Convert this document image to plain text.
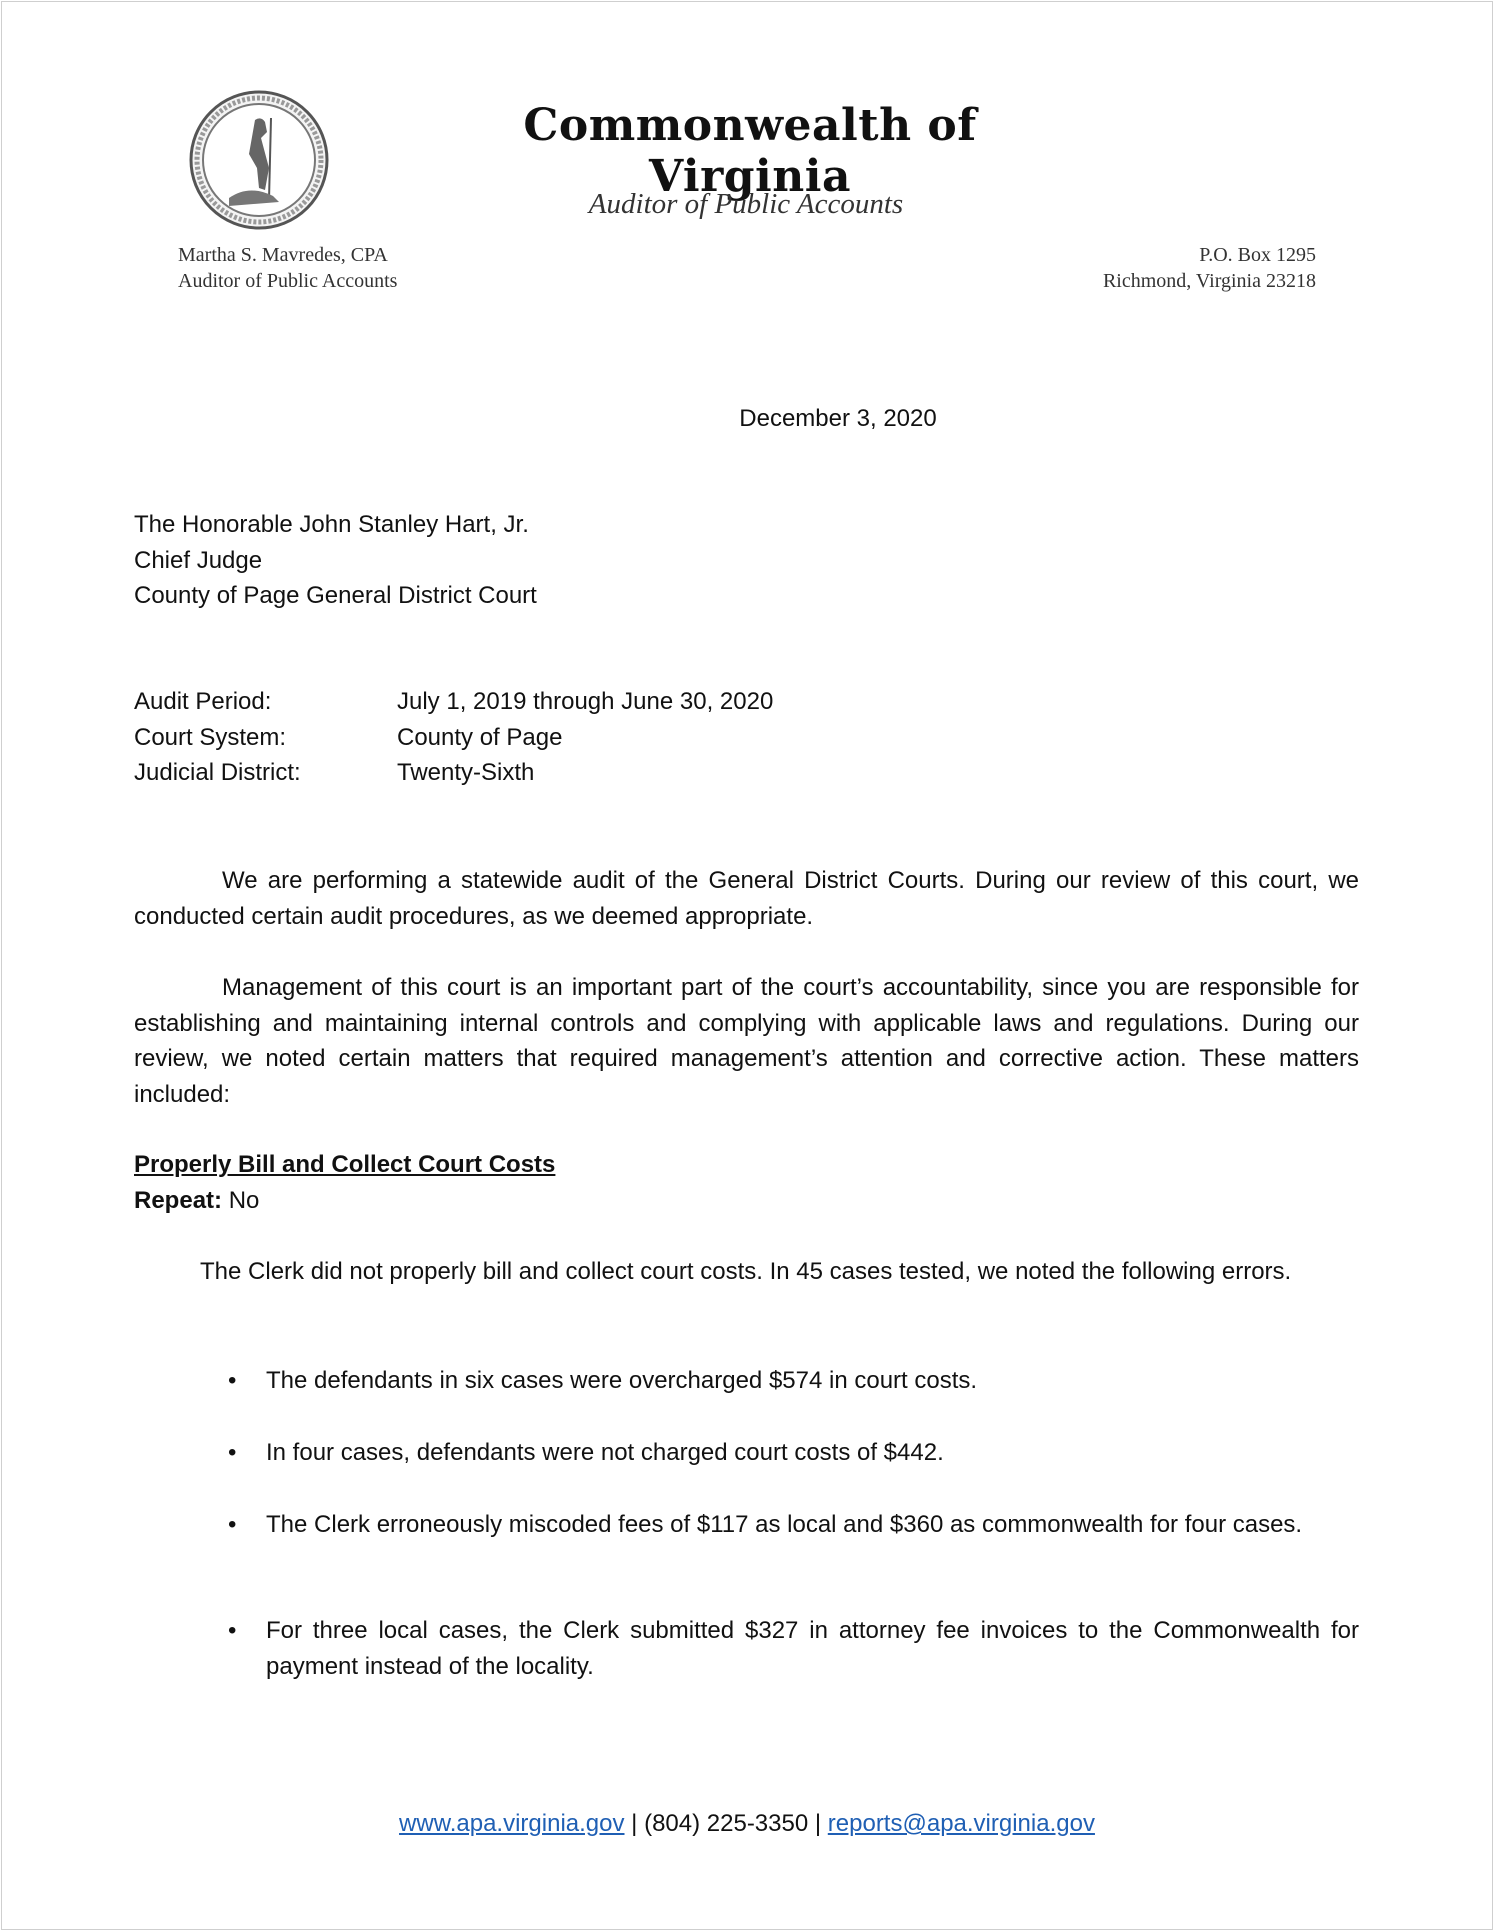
Commonwealth of Virginia
Auditor of Public Accounts
Martha S. Mavredes, CPA
Auditor of Public Accounts
P.O. Box 1295
Richmond, Virginia 23218
December 3, 2020
The Honorable John Stanley Hart, Jr.
Chief Judge
County of Page General District Court
Audit Period:	July 1, 2019 through June 30, 2020
Court System:	County of Page
Judicial District:	Twenty-Sixth

We are performing a statewide audit of the General District Courts. During our review of this court, we conducted certain audit procedures, as we deemed appropriate.

Management of this court is an important part of the court’s accountability, since you are responsible for establishing and maintaining internal controls and complying with applicable laws and regulations. During our review, we noted certain matters that required management’s attention and corrective action. These matters included:

Properly Bill and Collect Court Costs
Repeat: No

The Clerk did not properly bill and collect court costs. In 45 cases tested, we noted the following errors.

•	The defendants in six cases were overcharged $574 in court costs.

•	In four cases, defendants were not charged court costs of $442.

•	The Clerk erroneously miscoded fees of $117 as local and $360 as commonwealth for four cases.

•	For three local cases, the Clerk submitted $327 in attorney fee invoices to the Commonwealth for payment instead of the locality.

www.apa.virginia.gov | (804) 225-3350 | reports@apa.virginia.gov
